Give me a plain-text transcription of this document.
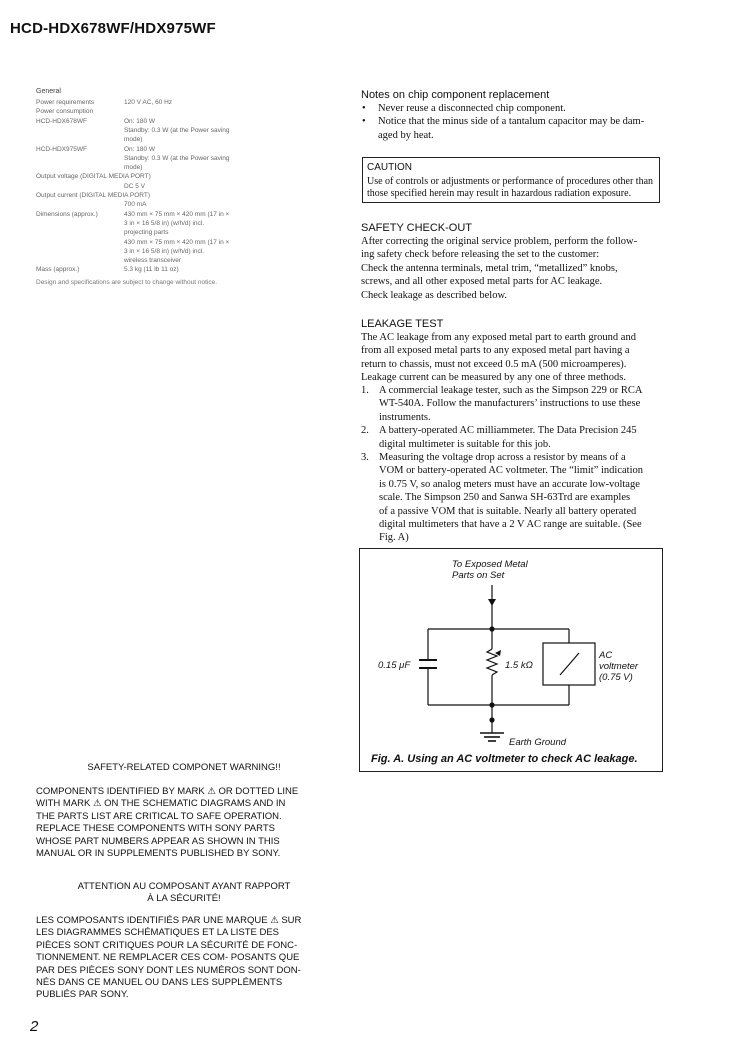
HCD-HDX678WF/HDX975WF
General
Power requirements	120 V AC, 60 Hz
Power consumption
HCD-HDX678WF	On: 180 W
Standby: 0.3 W (at the Power saving
mode)
HCD-HDX975WF	On: 180 W
Standby: 0.3 W (at the Power saving
mode)
Output voltage (DIGITAL MEDIA PORT)
DC 5 V
Output current (DIGITAL MEDIA PORT)
700 mA
Dimensions (approx.)	430 mm × 75 mm × 420 mm (17 in ×
3 in × 16 5/8 in) (w/h/d) incl.
projecting parts
430 mm × 75 mm × 420 mm (17 in ×
3 in × 16 5/8 in) (w/h/d) incl.
wireless transceiver
Mass (approx.)	5.3 kg (11 lb 11 oz)
Design and specifications are subject to change without notice.
Notes on chip component replacement
• Never reuse a disconnected chip component.
• Notice that the minus side of a tantalum capacitor may be dam-
aged by heat.
CAUTION
Use of controls or adjustments or performance of procedures other than
those specified herein may result in hazardous radiation exposure.
SAFETY CHECK-OUT
After correcting the original service problem, perform the follow-
ing safety check before releasing the set to the customer:
Check the antenna terminals, metal trim, “metallized” knobs,
screws, and all other exposed metal parts for AC leakage.
Check leakage as described below.
LEAKAGE TEST
The AC leakage from any exposed metal part to earth ground and
from all exposed metal parts to any exposed metal part having a
return to chassis, must not exceed 0.5 mA (500 microamperes).
Leakage current can be measured by any one of three methods.
1. A commercial leakage tester, such as the Simpson 229 or RCA
WT-540A. Follow the manufacturers’ instructions to use these
instruments.
2. A battery-operated AC milliammeter. The Data Precision 245
digital multimeter is suitable for this job.
3. Measuring the voltage drop across a resistor by means of a
VOM or battery-operated AC voltmeter. The “limit” indication
is 0.75 V, so analog meters must have an accurate low-voltage
scale. The Simpson 250 and Sanwa SH-63Trd are examples
of a passive VOM that is suitable. Nearly all battery operated
digital multimeters that have a 2 V AC range are suitable. (See
Fig. A)
To Exposed Metal
Parts on Set
0.15 μF	1.5 kΩ
AC
voltmeter
(0.75 V)
Earth Ground
Fig. A. Using an AC voltmeter to check AC leakage.
SAFETY-RELATED COMPONET WARNING!!
COMPONENTS IDENTIFIED BY MARK ⚠ OR DOTTED LINE
WITH MARK ⚠ ON THE SCHEMATIC DIAGRAMS AND IN
THE PARTS LIST ARE CRITICAL TO SAFE OPERATION.
REPLACE THESE COMPONENTS WITH SONY PARTS
WHOSE PART NUMBERS APPEAR AS SHOWN IN THIS
MANUAL OR IN SUPPLEMENTS PUBLISHED BY SONY.
ATTENTION AU COMPOSANT AYANT RAPPORT
À LA SÉCURITÉ!
LES COMPOSANTS IDENTIFIÉS PAR UNE MARQUE ⚠ SUR
LES DIAGRAMMES SCHÉMATIQUES ET LA LISTE DES
PIÈCES SONT CRITIQUES POUR LA SÉCURITÉ DE FONC-
TIONNEMENT. NE REMPLACER CES COM- POSANTS QUE
PAR DES PIÈCES SONY DONT LES NUMÉROS SONT DON-
NÉS DANS CE MANUEL OU DANS LES SUPPLÉMENTS
PUBLIÉS PAR SONY.
2
